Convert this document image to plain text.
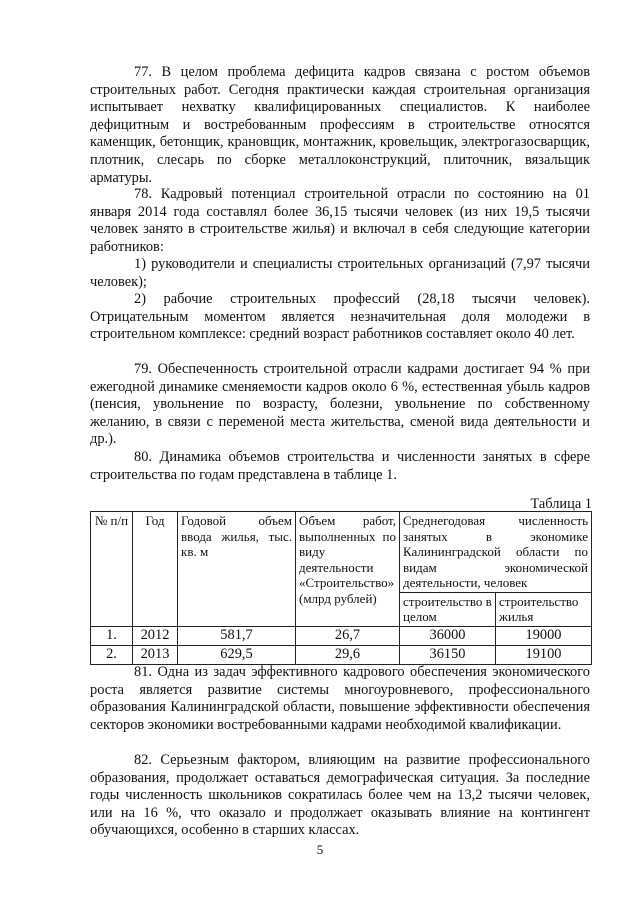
77. В целом проблема дефицита кадров связана с ростом объемов строительных работ. Сегодня практически каждая строительная организация испытывает нехватку квалифицированных специалистов. К наиболее дефицитным и востребованным профессиям в строительстве относятся каменщик, бетонщик, крановщик, монтажник, кровельщик, электрогазосварщик, плотник, слесарь по сборке металлоконструкций, плиточник, вязальщик арматуры.

78. Кадровый потенциал строительной отрасли по состоянию на 01 января 2014 года составлял более 36,15 тысячи человек (из них 19,5 тысячи человек занято в строительстве жилья) и включал в себя следующие категории работников:

1) руководители и специалисты строительных организаций (7,97 тысячи человек);

2) рабочие строительных профессий (28,18 тысячи человек). Отрицательным моментом является незначительная доля молодежи в строительном комплексе: средний возраст работников составляет около 40 лет.

79. Обеспеченность строительной отрасли кадрами достигает 94 % при ежегодной динамике сменяемости кадров около 6 %, естественная убыль кадров (пенсия, увольнение по возрасту, болезни, увольнение по собственному желанию, в связи с переменой места жительства, сменой вида деятельности и др.).

80. Динамика объемов строительства и численности занятых в сфере строительства по годам представлена в таблице 1.

Таблица 1
№ п/п	Год	Годовой объем ввода жилья, тыс. кв. м	Объем работ, выполненных по виду деятельности «Строительство» (млрд рублей)	Среднегодовая численность занятых в экономике Калининградской области по видам экономической деятельности, человек	
				строительство в целом	строительство жилья
1.	2012	581,7	26,7	36000	19000
2.	2013	629,5	29,6	36150	19100

81. Одна из задач эффективного кадрового обеспечения экономического роста является развитие системы многоуровневого, профессионального образования Калининградской области, повышение эффективности обеспечения секторов экономики востребованными кадрами необходимой квалификации.

82. Серьезным фактором, влияющим на развитие профессионального образования, продолжает оставаться демографическая ситуация. За последние годы численность школьников сократилась более чем на 13,2 тысячи человек, или на 16 %, что оказало и продолжает оказывать влияние на контингент обучающихся, особенно в старших классах.

5
